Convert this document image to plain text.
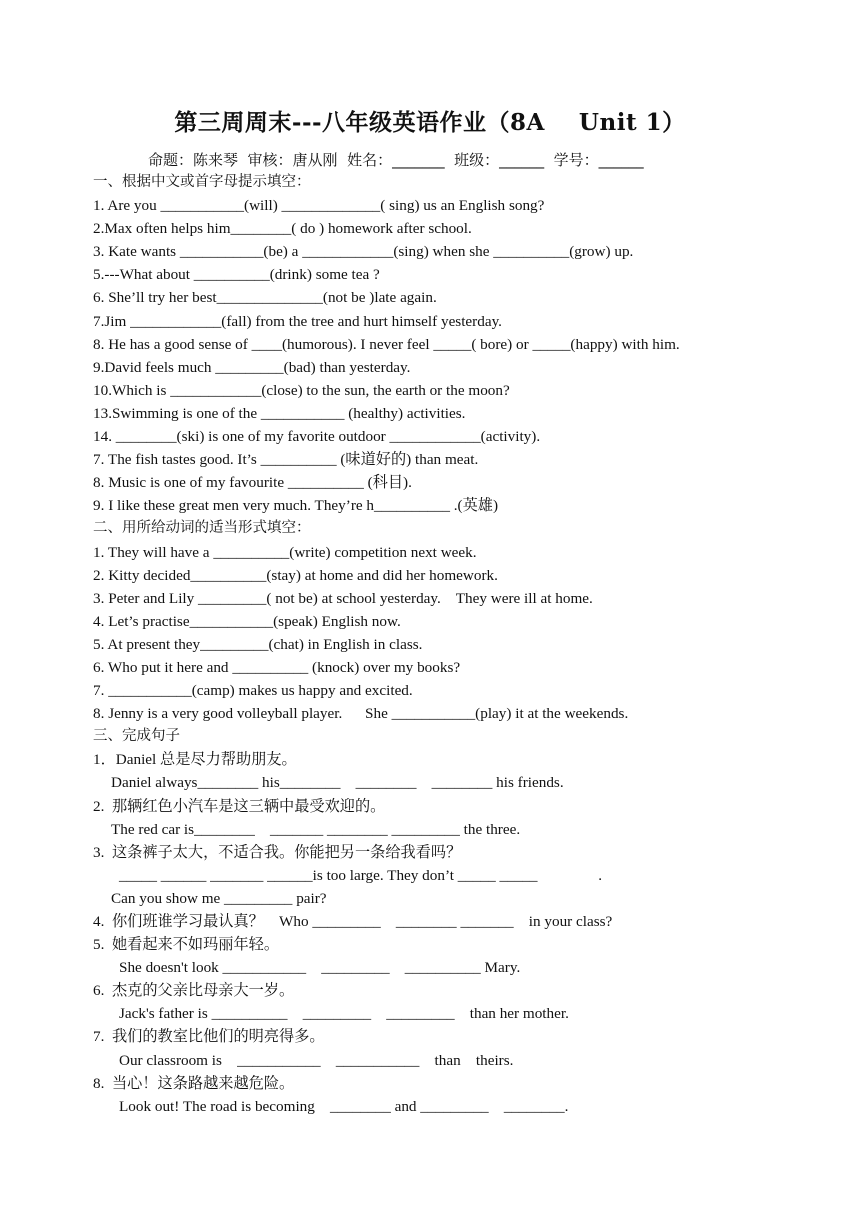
第三周周末---八年级英语作业（8A    Unit 1）
命题：陈来琴  审核：唐从刚  姓名：_______  班级：______  学号：______
一、根据中文或首字母提示填空：
1. Are you ___________(will) _____________( sing) us an English song?
2.Max often helps him________( do ) homework after school.
3. Kate wants ___________(be) a ____________(sing) when she __________(grow) up.
5.---What about __________(drink) some tea ?
6. She’ll try her best______________(not be )late again.
7.Jim ____________(fall) from the tree and hurt himself yesterday.
8. He has a good sense of ____(humorous). I never feel _____( bore) or _____(happy) with him.
9.David feels much _________(bad) than yesterday.
10.Which is ____________(close) to the sun, the earth or the moon?
13.Swimming is one of the ___________ (healthy) activities.
14. ________(ski) is one of my favorite outdoor ____________(activity).
7. The fish tastes good. It’s __________ (味道好的) than meat.
8. Music is one of my favourite __________ (科目).
9. I like these great men very much. They’re h__________ .(英雄)
二、用所给动词的适当形式填空：
1. They will have a __________(write) competition next week.
2. Kitty decided__________(stay) at home and did her homework.
3. Peter and Lily _________( not be) at school yesterday.    They were ill at home.
4. Let’s practise___________(speak) English now.
5. At present they_________(chat) in English in class.
6. Who put it here and __________ (knock) over my books?
7. ___________(camp) makes us happy and excited.
8. Jenny is a very good volleyball player.      She ___________(play) it at the weekends.
三、完成句子
1．Daniel 总是尽力帮助朋友。
Daniel always________ his________    ________    ________ his friends.
2.  那辆红色小汽车是这三辆中最受欢迎的。
The red car is________    _______ ________ _________ the three.
3.  这条裤子太大，不适合我。你能把另一条给我看吗？
_____ ______ _______ ______is too large. They don’t _____ _____                .
Can you show me _________ pair?
4.  你们班谁学习最认真？    Who _________    ________ _______    in your class?
5.  她看起来不如玛丽年轻。
She doesn't look ___________    _________    __________ Mary.
6.  杰克的父亲比母亲大一岁。
Jack's father is __________    _________    _________    than her mother.
7.  我们的教室比他们的明亮得多。
Our classroom is    ___________    ___________    than    theirs.
8.  当心！这条路越来越危险。
Look out! The road is becoming    ________ and _________    ________.
